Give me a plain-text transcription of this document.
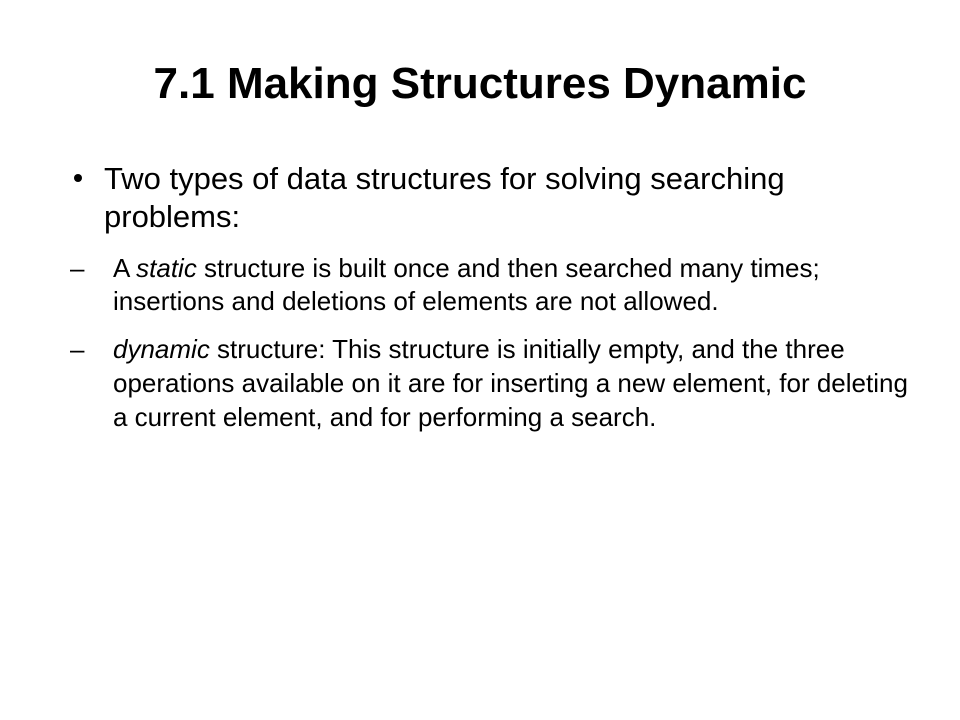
7.1 Making Structures Dynamic
Two types of data structures for solving searching problems:
– A static structure is built once and then searched many times; insertions and deletions of elements are not allowed.
– dynamic structure: This structure is initially empty, and the three operations available on it are for inserting a new element, for deleting a current element, and for performing a search.
